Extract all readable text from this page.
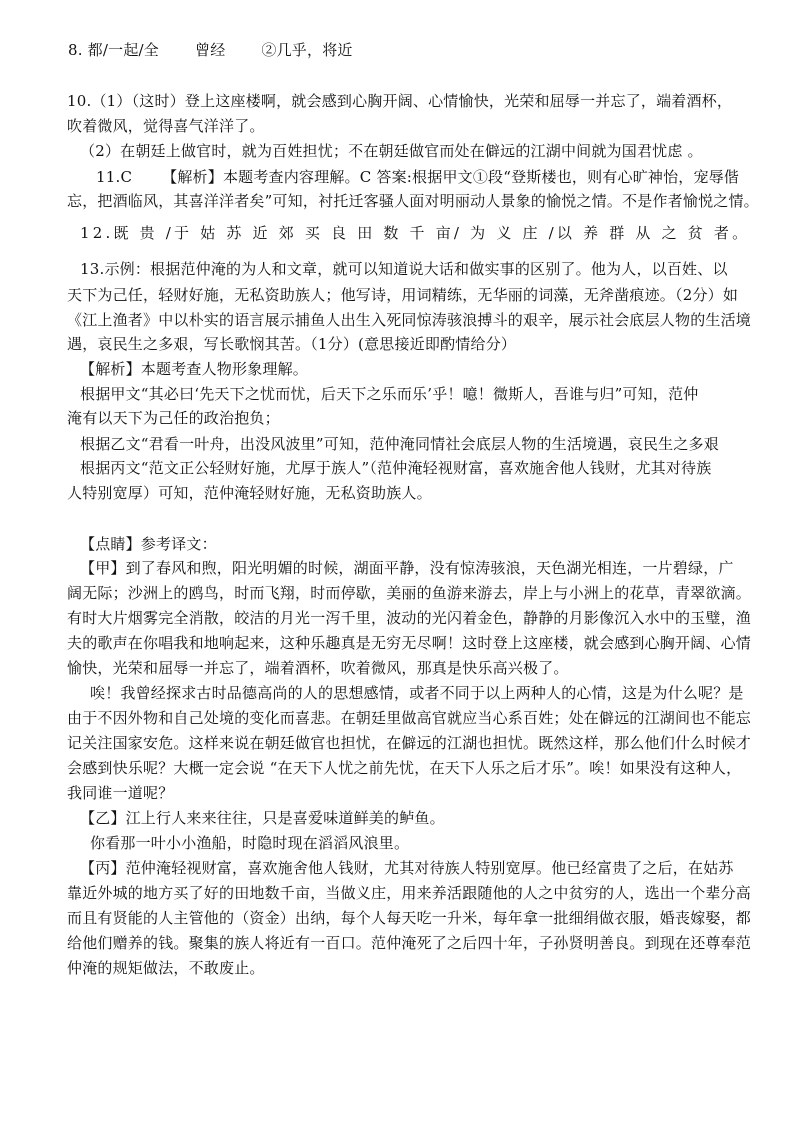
8. 都/一起/全 曾经 ②几乎，将近
10.（1）（这时）登上这座楼啊，就会感到心胸开阔、心情愉快，光荣和屈辱一并忘了，端着酒杯，
吹着微风，觉得喜气洋洋了。
（2）在朝廷上做官时，就为百姓担忧；不在朝廷做官而处在僻远的江湖中间就为国君忧虑 。
11.C 【解析】本题考查内容理解。C 答案:根据甲文①段“登斯楼也，则有心旷神怡，宠辱偕
忘，把酒临风，其喜洋洋者矣”可知，衬托迁客骚人面对明丽动人景象的愉悦之情。不是作者愉悦之情。
12.既 贵 /于 姑 苏 近 郊 买 良 田 数 千 亩/ 为 义 庄 /以 养 群 从 之 贫 者。
13.示例：根据范仲淹的为人和文章，就可以知道说大话和做实事的区别了。他为人，以百姓、以
天下为己任，轻财好施，无私资助族人；他写诗，用词精练，无华丽的词藻，无斧凿痕迹。（2分）如
《江上渔者》中以朴实的语言展示捕鱼人出生入死同惊涛骇浪搏斗的艰辛，展示社会底层人物的生活境
遇，哀民生之多艰，写长歌悯其苦。（1分）(意思接近即酌情给分）
【解析】本题考查人物形象理解。
根据甲文“其必曰‘先天下之忧而忧，后天下之乐而乐’乎！噫！微斯人，吾谁与归”可知，范仲
淹有以天下为己任的政治抱负；
根据乙文“君看一叶舟，出没风波里”可知，范仲淹同情社会底层人物的生活境遇，哀民生之多艰
根据丙文“范文正公轻财好施，尤厚于族人”（范仲淹轻视财富，喜欢施舍他人钱财，尤其对待族
人特别宽厚）可知，范仲淹轻财好施，无私资助族人。
【点睛】参考译文：
【甲】到了春风和煦，阳光明媚的时候，湖面平静，没有惊涛骇浪，天色湖光相连，一片碧绿，广
阔无际；沙洲上的鸥鸟，时而飞翔，时而停歇，美丽的鱼游来游去，岸上与小洲上的花草，青翠欲滴。
有时大片烟雾完全消散，皎洁的月光一泻千里，波动的光闪着金色，静静的月影像沉入水中的玉璧，渔
夫的歌声在你唱我和地响起来，这种乐趣真是无穷无尽啊！这时登上这座楼，就会感到心胸开阔、心情
愉快，光荣和屈辱一并忘了，端着酒杯，吹着微风，那真是快乐高兴极了。
唉！我曾经探求古时品德高尚的人的思想感情，或者不同于以上两种人的心情，这是为什么呢？是
由于不因外物和自己处境的变化而喜悲。在朝廷里做高官就应当心系百姓；处在僻远的江湖间也不能忘
记关注国家安危。这样来说在朝廷做官也担忧，在僻远的江湖也担忧。既然这样，那么他们什么时候才
会感到快乐呢？大概一定会说 “在天下人忧之前先忧，在天下人乐之后才乐”。唉！如果没有这种人，
我同谁一道呢？
【乙】江上行人来来往往，只是喜爱味道鲜美的鲈鱼。
你看那一叶小小渔船，时隐时现在滔滔风浪里。
【丙】范仲淹轻视财富，喜欢施舍他人钱财，尤其对待族人特别宽厚。他已经富贵了之后，在姑苏
靠近外城的地方买了好的田地数千亩，当做义庄，用来养活跟随他的人之中贫穷的人，选出一个辈分高
而且有贤能的人主管他的（资金）出纳，每个人每天吃一升米，每年拿一批细绢做衣服，婚丧嫁娶，都
给他们赠养的钱。聚集的族人将近有一百口。范仲淹死了之后四十年，子孙贤明善良。到现在还尊奉范
仲淹的规矩做法，不敢废止。
